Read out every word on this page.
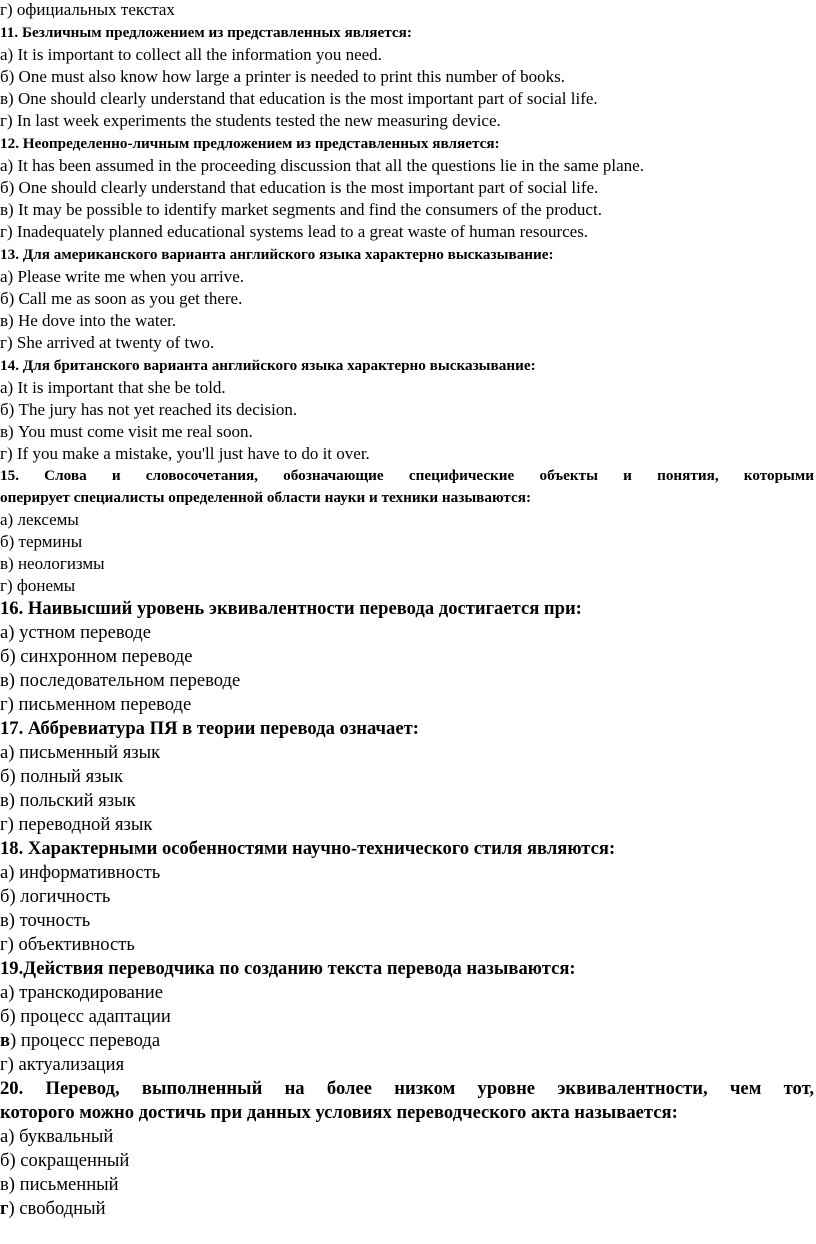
г) официальных текстах
11. Безличным предложением из представленных является:
а) It is important to collect all the information you need.
б) One must also know how large a printer is needed to print this number of books.
в) One should clearly understand that education is the most important part of social life.
г) In last week experiments the students tested the new measuring device.
12. Неопределенно-личным предложением из представленных является:
а) It has been assumed in the proceeding discussion that all the questions lie in the same plane.
б) One should clearly understand that education is the most important part of social life.
в) It may be possible to identify market segments and find the consumers of the product.
г) Inadequately planned educational systems lead to a great waste of human resources.
13. Для американского варианта английского языка характерно высказывание:
а) Please write me when you arrive.
б) Call me as soon as you get there.
в) He dove into the water.
г) She arrived at twenty of two.
14. Для британского варианта английского языка характерно высказывание:
а) It is important that she be told.
б) The jury has not yet reached its decision.
в) You must come visit me real soon.
г) If you make a mistake, you'll just have to do it over.
15. Слова и словосочетания, обозначающие специфические объекты и понятия, которыми
оперирует специалисты определенной области науки и техники называются:
а) лексемы
б) термины
в) неологизмы
г) фонемы
16. Наивысший уровень эквивалентности перевода достигается при:
а) устном переводе
б) синхронном переводе
в) последовательном переводе
г) письменном переводе
17. Аббревиатура ПЯ в теории перевода означает:
а) письменный язык
б) полный язык
в) польский язык
г) переводной язык
18. Характерными особенностями научно-технического стиля являются:
а) информативность
б) логичность
в) точность
г) объективность
19.Действия переводчика по созданию текста перевода называются:
а) транскодирование
б) процесс адаптации
в) процесс перевода
г) актуализация
20. Перевод, выполненный на более низком уровне эквивалентности, чем тот,
которого можно достичь при данных условиях переводческого акта называется:
а) буквальный
б) сокращенный
в) письменный
г) свободный
